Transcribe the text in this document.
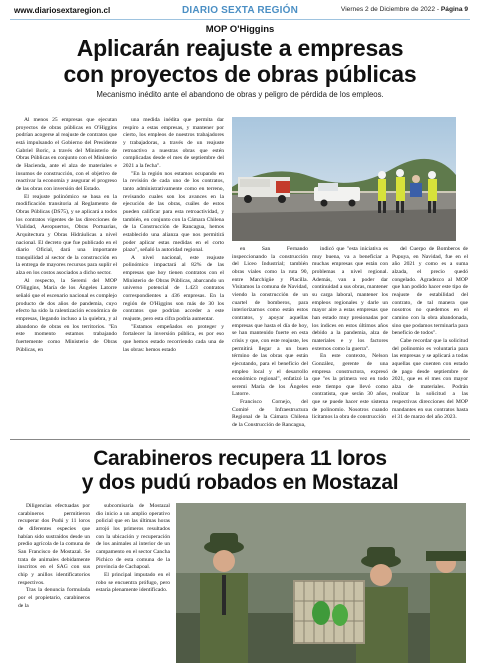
www.diariosextaregion.cl	DIARIO SEXTA REGIÓN	Viernes 2 de Diciembre de 2022 - Página 9
MOP O'Higgins
Aplicarán reajuste a empresas
con proyectos de obras públicas
Mecanismo inédito ante el abandono de obras y peligro de pérdida de los empleos.

Al menos 25 empresas que ejecutan proyectos de obras públicas en O'Higgins podrían acogerse al reajuste de contratos que está impulsando el Gobierno del Presidente Gabriel Boric, a través del Ministerio de Obras Públicas en conjunto con el Ministerio de Hacienda, ante el alza de materiales e insumos de construcción, con el objetivo de reactivar la economía y asegurar el progreso de las obras con inversión del Estado.

El reajuste polinómico se basa en la modificación transitoria al Reglamento de Obras Públicas (DS75), y se aplicará a todos los contratos vigentes de las direcciones de Vialidad, Aeropuertos, Obras Portuarias, Arquitectura y Obras Hidráulicas a nivel nacional. El decreto que fue publicado en el diario Oficial, dará una importante tranquilidad al sector de la construcción en la entrega de mayores recursos para suplir el alza en los costos asociados a dicho sector.

Al respecto, la Seremi del MOP O'Higgins, María de los Ángeles Latorre señaló que el escenario nacional es complejo producto de dos años de pandemia, cuyo efecto ha sido la ralentización económica de empresas, llegando incluso a la quiebra, y al abandono de obras en los territorios. "En este momento estamos trabajando fuertemente como Ministerio de Obras Públicas, en

una medida inédita que permita dar respiro a estas empresas, y mantener por cierto, los empleos de nuestros trabajadores y trabajadoras, a través de un reajuste retroactivo a nuestras obras que estén complicadas desde el mes de septiembre del 2021 a la fecha".

"En la región nos estamos ocupando en la revisión de cada uno de los contratos, tanto administrativamente como en terreno, revisando cuales son los avances en la ejecución de las obras, cuáles de estos pueden calificar para esta retroactividad, y también, en conjunto con la Cámara Chilena de la Construcción de Rancagua, hemos establecido una alianza que nos permitirá poder aplicar estas medidas en el corto plazo", señaló la autoridad regional.

A nivel nacional, este reajuste polinómico impactará al 82% de las empresas que hoy tienen contratos con el Ministerio de Obras Públicas, abarcando un universo potencial de 1.423 contratos correspondientes a 436 empresas. En la región de O'Higgins son más de 30 los contratos que podrían acceder a este reajuste, pero esta cifra podría aumentar.

"Estamos empeñados en proteger y fortalecer la inversión pública, es por eso que hemos estado recorriendo cada una de las obras: hemos estado

en San Fernando inspeccionando la construcción del Liceo Industrial; también obras viales como la ruta 90, entre Marchigüe y Placilla. Visitamos la comuna de Navidad, viendo la construcción de un cuartel de bomberos, para interiorizarnos como están estos contratos, y apoyar aquellas empresas que hasta el día de hoy, se han mantenido fuerte en esta crisis y que, con este reajuste, les permitirá llegar a un buen término de las obras que están ejecutando, para el beneficio del empleo local y el desarrollo económico regional", enfatizó la seremi María de los Ángeles Latorre.

Francisco Cornejo, del Comité de Infraestructura Regional de la Cámara Chilena de la Construcción de Rancagua,

indicó que "esta iniciativa es muy buena, va a beneficiar a muchas empresas que están con problemas a nivel regional. Además, van a poder dar continuidad a sus obras, mantener su carga laboral, mantener los empleos regionales y darle un mayor aire a estas empresas que han estado muy presionadas por los índices en estos últimos años debido a la pandemia, alza de materiales e y los factores externos como la guerra".

En este contexto, Nelson González, gerente de una empresa constructora, expresó que "es la primera vez en todo este tiempo que llevó como contratista, que serán 30 años, que se puede hacer este sistema de polinomio. Nosotros cuando licitamos la obra de construcción

Carabineros recupera 11 loros
y dos pudú robados en Mostazal

Diligencias efectuadas por carabineros permitieron recuperar dos Pudú y 11 loros de diferentes especies que habían sido sustraídos desde un predio agrícola de la comuna de San Francisco de Mostazal. Se trata de animales debidamente inscritos en el SAG con sus chip y anillos identificatorios respectivos.

Tras la denuncia formulada por el propietario, carabineros de la

subcomisaría de Mostazal dio inicio a un amplio operativo policial que en las últimas horas arrojó los primeros resultados con la ubicación y recuperación de los animales al interior de un campamento en el sector Cancha Pichico de esta comuna de la provincia de Cachapoal.

El principal imputado en el robo se encuentra prófugo, pero estaría plenamente identificado.

del Cuerpo de Bomberos de Pupuya, en Navidad, fue en el año 2021 y como es a suma alzada, el precio quedó congelado. Agradezco al MOP que han podido hacer este tipo de reajuste de estabilidad del contrato, de tal manera que nosotros no quedemos en el camino con la obra abandonada, sino que podamos terminarla para beneficio de todos".

Cabe recordar que la solicitud del polinomio es voluntaria para las empresas y se aplicará a todas aquellas que cuenten con estado de pago desde septiembre de 2021, que es el mes con mayor alza de materiales. Podrán realizar la solicitud a las respectivas direcciones del MOP mandantes en sus contratos hasta el 31 de marzo del año 2023.
